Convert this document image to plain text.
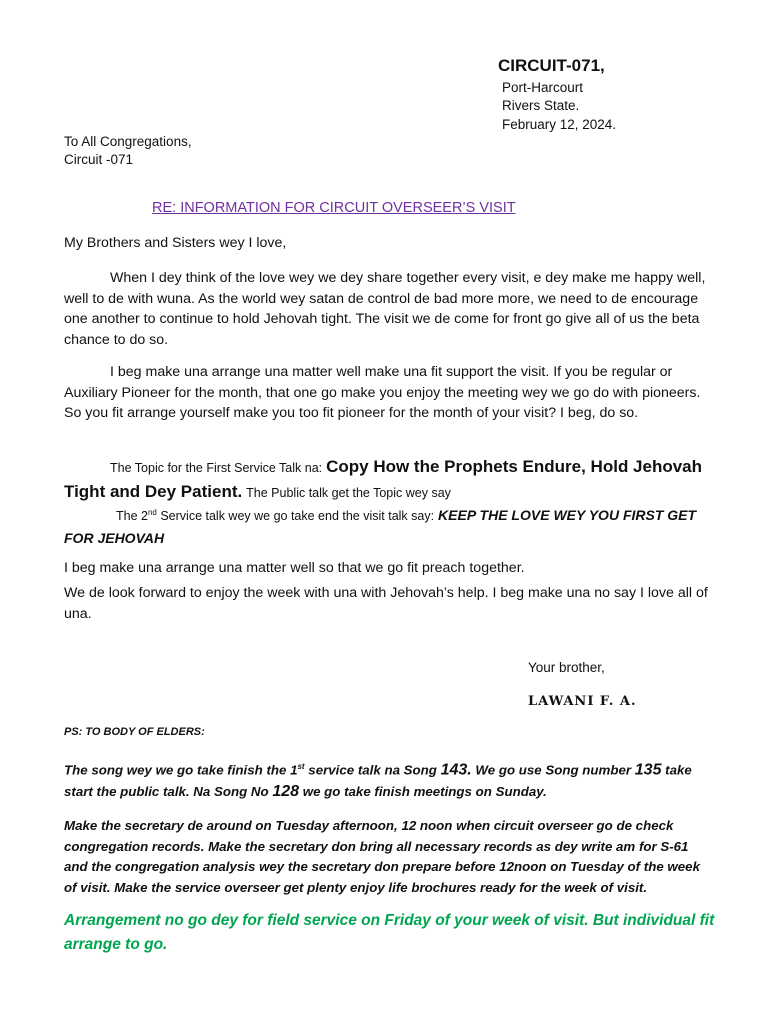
CIRCUIT-071,
Port-Harcourt
Rivers State.
February 12, 2024.
To All Congregations,
Circuit -071
RE: INFORMATION FOR CIRCUIT OVERSEER’S VISIT
My Brothers and Sisters wey I love,
When I dey think of the love wey we dey share together every visit, e dey make me happy well, well to de with wuna. As the world wey satan de control de bad more more, we need to de encourage one another to continue to hold Jehovah tight. The visit we de come for front go give all of us the beta chance to do so.
I beg make una arrange una matter well make una fit support the visit. If you be regular or Auxiliary Pioneer for the month, that one go make you enjoy the meeting wey we go do with pioneers. So you fit arrange yourself make you too fit pioneer for the month of your visit? I beg, do so.
The Topic for the First Service Talk na: Copy How the Prophets Endure, Hold Jehovah Tight and Dey Patient. The Public talk get the Topic wey say
The 2nd Service talk wey we go take end the visit talk say: KEEP THE LOVE WEY YOU FIRST GET FOR JEHOVAH
I beg make una arrange una matter well so that we go fit preach together.
We de look forward to enjoy the week with una with Jehovah’s help. I beg make una no say I love all of una.
Your brother,
LAWANI F. A.
PS: TO BODY OF ELDERS:
The song wey we go take finish the 1st service talk na Song 143. We go use Song number 135 take start the public talk. Na Song No 128 we go take finish meetings on Sunday.
Make the secretary de around on Tuesday afternoon, 12 noon when circuit overseer go de check congregation records. Make the secretary don bring all necessary records as dey write am for S-61 and the congregation analysis wey the secretary don prepare before 12noon on Tuesday of the week of visit. Make the service overseer get plenty enjoy life brochures ready for the week of visit.
Arrangement no go dey for field service on Friday of your week of visit. But individual fit arrange to go.
